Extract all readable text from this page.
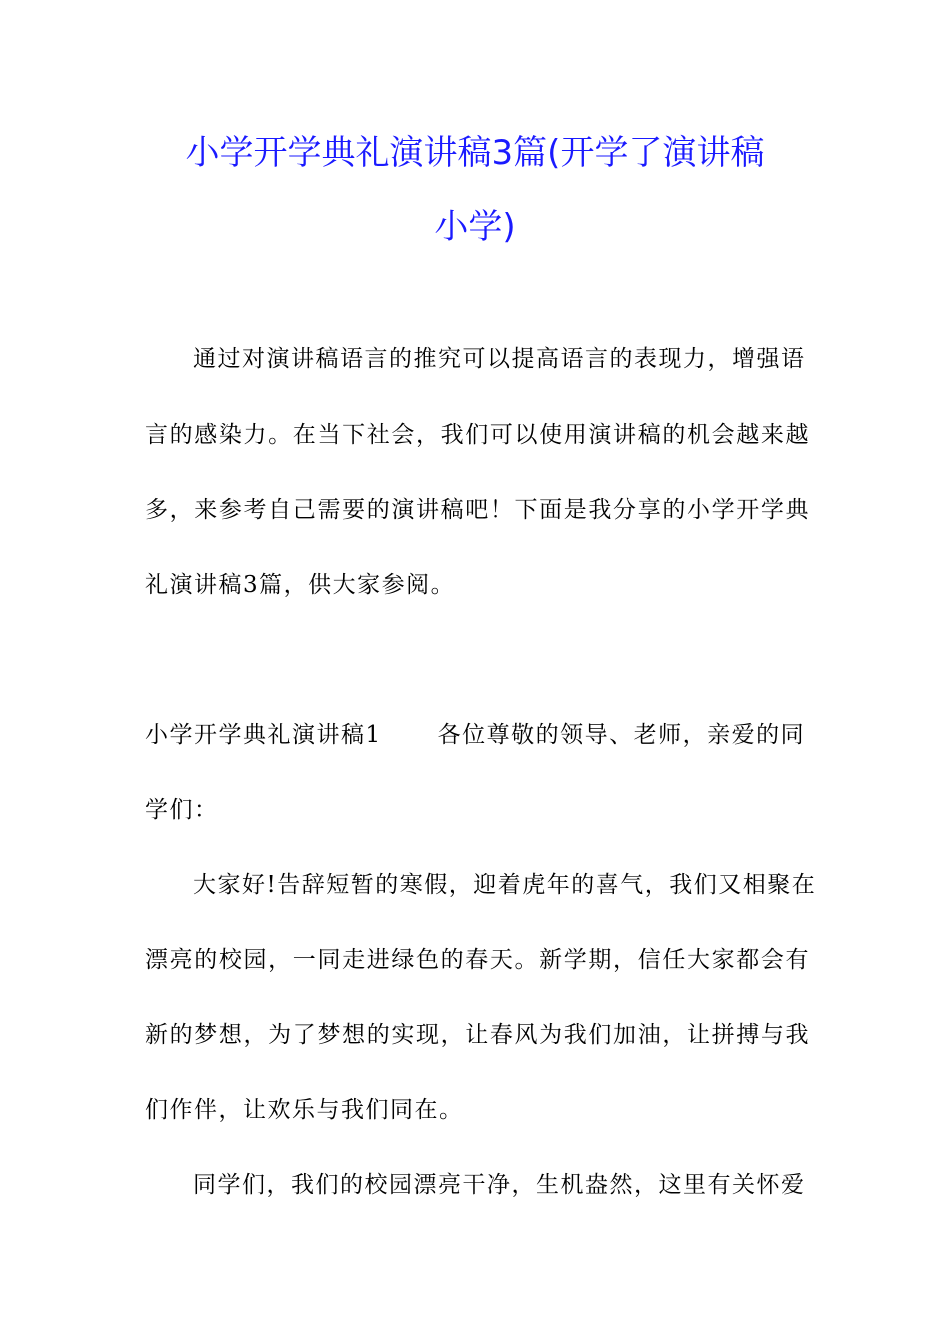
小学开学典礼演讲稿3篇(开学了演讲稿
小学)
通过对演讲稿语言的推究可以提高语言的表现力，增强语
言的感染力。在当下社会，我们可以使用演讲稿的机会越来越
多，来参考自己需要的演讲稿吧！下面是我分享的小学开学典
礼演讲稿3篇，供大家参阅。
小学开学典礼演讲稿1 各位尊敬的领导、老师，亲爱的同
学们：
大家好!告辞短暂的寒假，迎着虎年的喜气，我们又相聚在
漂亮的校园，一同走进绿色的春天。新学期，信任大家都会有
新的梦想，为了梦想的实现，让春风为我们加油，让拼搏与我
们作伴，让欢乐与我们同在。
同学们，我们的校园漂亮干净，生机盎然，这里有关怀爱
